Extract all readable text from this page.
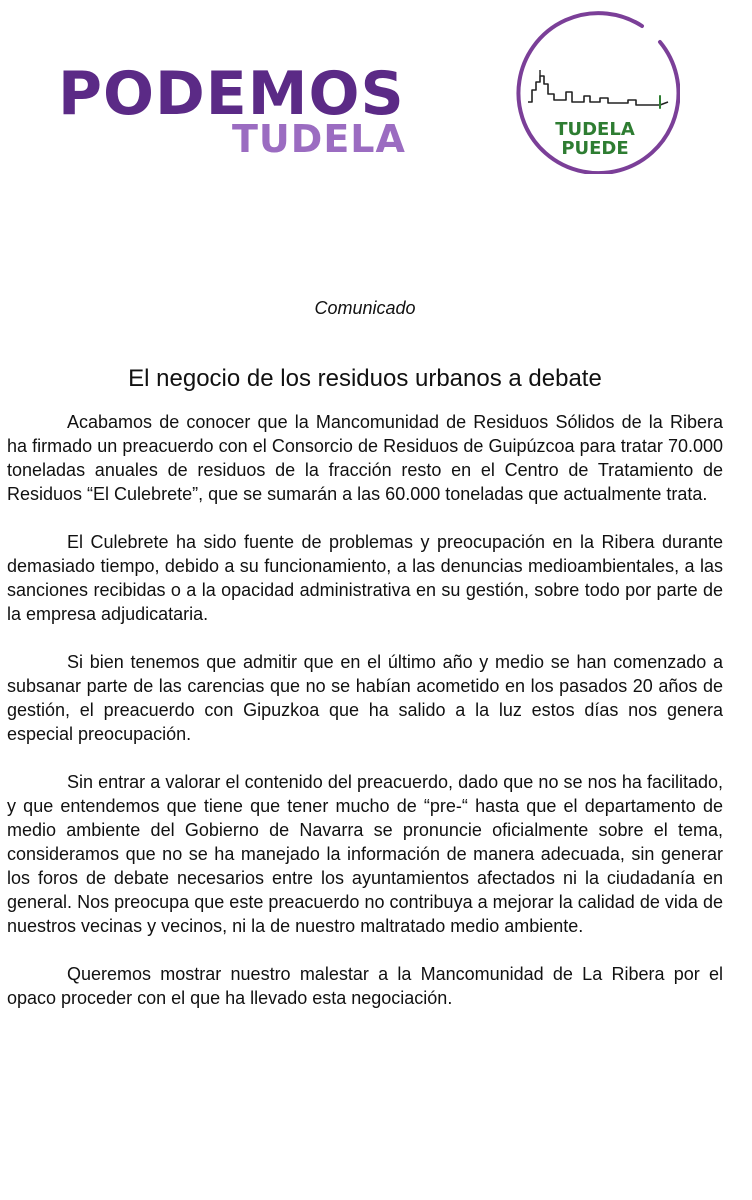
PODEMOS
TUDELA	TUDELA
PUEDE
Comunicado
El negocio de los residuos urbanos a debate

Acabamos de conocer que la Mancomunidad de Residuos Sólidos de la Ribera ha firmado un preacuerdo con el Consorcio de Residuos de Guipúzcoa para tratar 70.000 toneladas anuales de residuos de la fracción resto en el Centro de Tratamiento de Residuos “El Culebrete”, que se sumarán a las 60.000 toneladas que actualmente trata.

El Culebrete ha sido fuente de problemas y preocupación en la Ribera durante demasiado tiempo, debido a su funcionamiento, a las denuncias medioambientales, a las sanciones recibidas o a la opacidad administrativa en su gestión, sobre todo por parte de la empresa adjudicataria.

Si bien tenemos que admitir que en el último año y medio se han comenzado a subsanar parte de las carencias que no se habían acometido en los pasados 20 años de gestión, el preacuerdo con Gipuzkoa que ha salido a la luz estos días nos genera especial preocupación.

Sin entrar a valorar el contenido del preacuerdo, dado que no se nos ha facilitado, y que entendemos que tiene que tener mucho de “pre-“ hasta que el departamento de medio ambiente del Gobierno de Navarra se pronuncie oficialmente sobre el tema, consideramos que no se ha manejado la información de manera adecuada, sin generar los foros de debate necesarios entre los ayuntamientos afectados ni la ciudadanía en general. Nos preocupa que este preacuerdo no contribuya a mejorar la calidad de vida de nuestros vecinas y vecinos, ni la de nuestro maltratado medio ambiente.

Queremos mostrar nuestro malestar a la Mancomunidad de La Ribera por el opaco proceder con el que ha llevado esta negociación.
